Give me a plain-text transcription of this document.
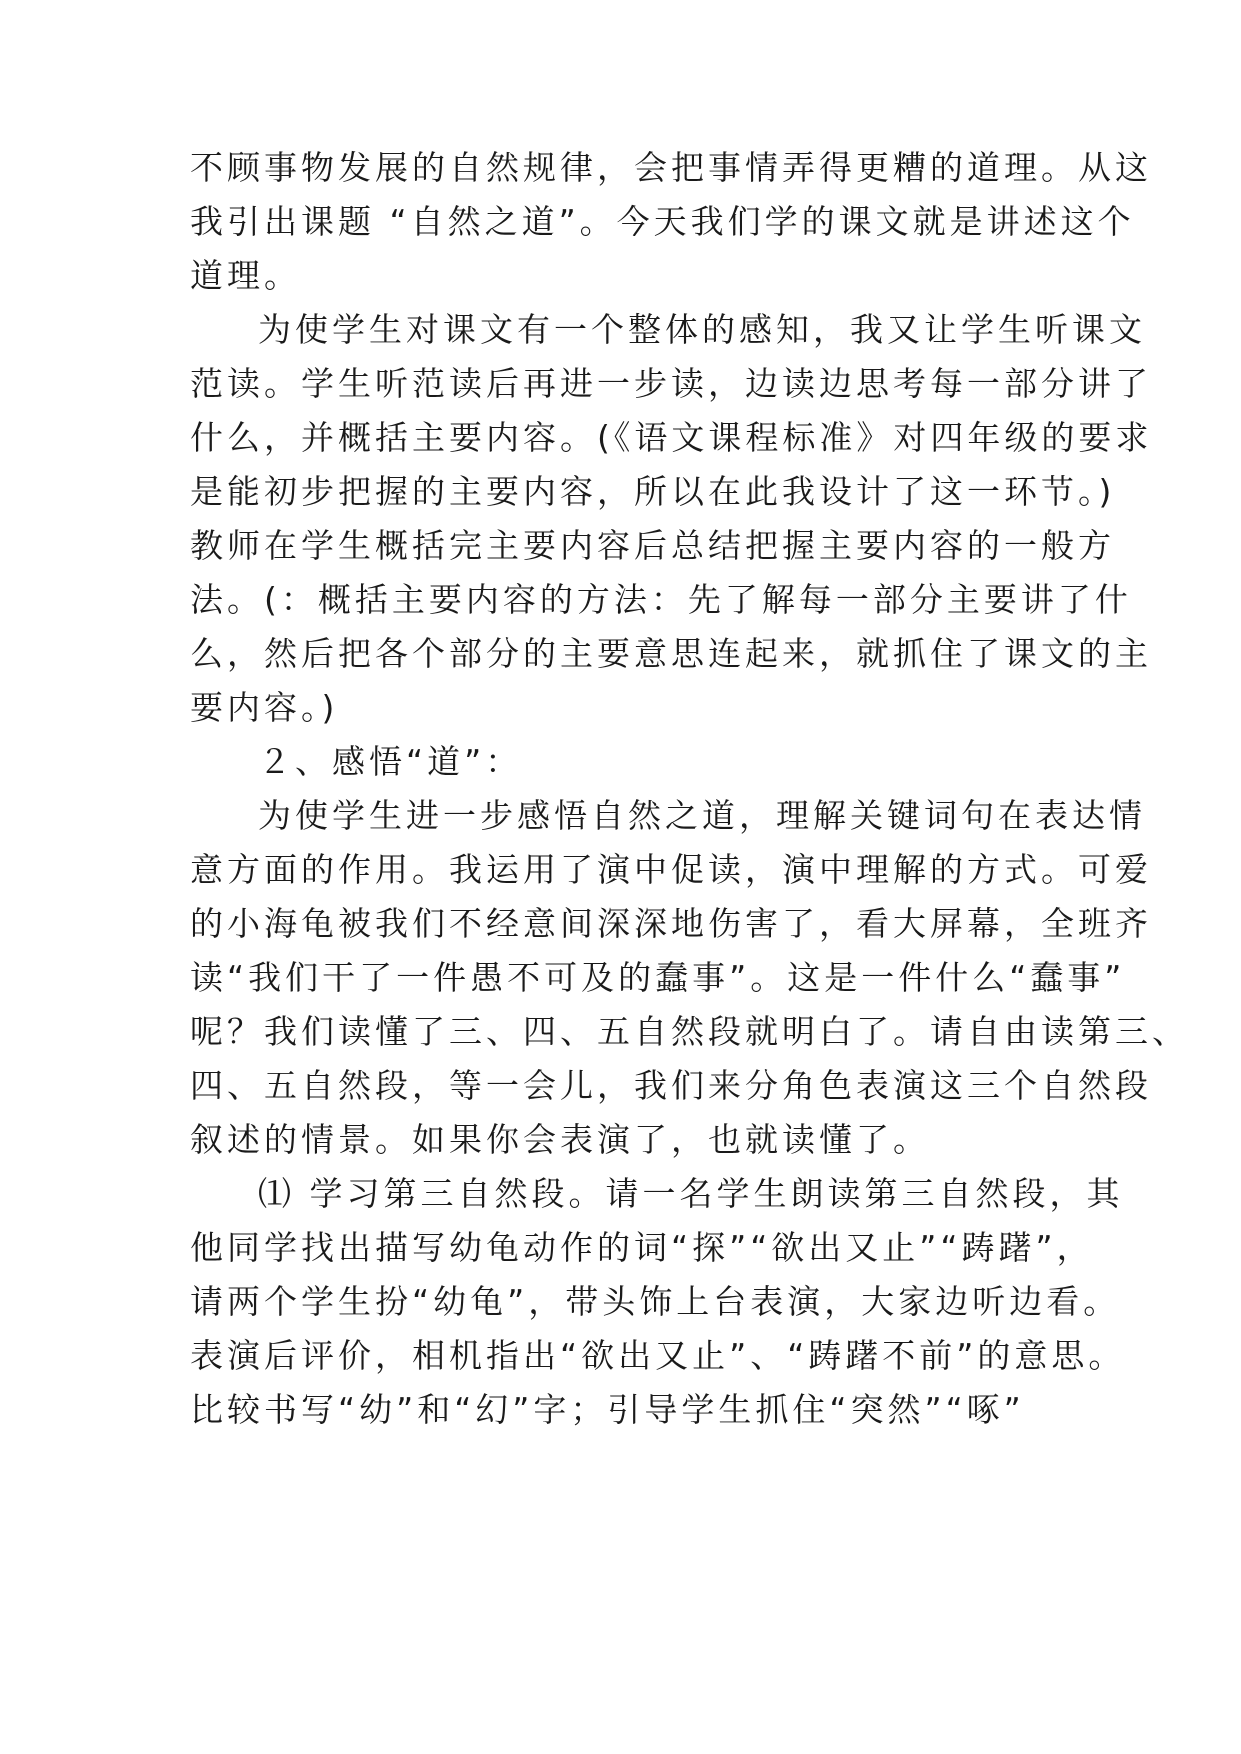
不顾事物发展的自然规律，会把事情弄得更糟的道理。从这
我引出课题 “自然之道”。今天我们学的课文就是讲述这个
道理。
为使学生对课文有一个整体的感知，我又让学生听课文
范读。学生听范读后再进一步读，边读边思考每一部分讲了
什么，并概括主要内容。(《语文课程标准》对四年级的要求
是能初步把握的主要内容，所以在此我设计了这一环节。)
教师在学生概括完主要内容后总结把握主要内容的一般方
法。(：概括主要内容的方法：先了解每一部分主要讲了什
么，然后把各个部分的主要意思连起来，就抓住了课文的主
要内容。)
２、感悟“道”：
为使学生进一步感悟自然之道，理解关键词句在表达情
意方面的作用。我运用了演中促读，演中理解的方式。可爱
的小海龟被我们不经意间深深地伤害了，看大屏幕，全班齐
读“我们干了一件愚不可及的蠢事”。这是一件什么“蠢事”
呢？我们读懂了三、四、五自然段就明白了。请自由读第三、
四、五自然段，等一会儿，我们来分角色表演这三个自然段
叙述的情景。如果你会表演了，也就读懂了。
⑴ 学习第三自然段。请一名学生朗读第三自然段，其
他同学找出描写幼龟动作的词“探”“欲出又止”“踌躇”，
请两个学生扮“幼龟”，带头饰上台表演，大家边听边看。
表演后评价，相机指出“欲出又止”、“踌躇不前”的意思。
比较书写“幼”和“幻”字；引导学生抓住“突然”“啄”
